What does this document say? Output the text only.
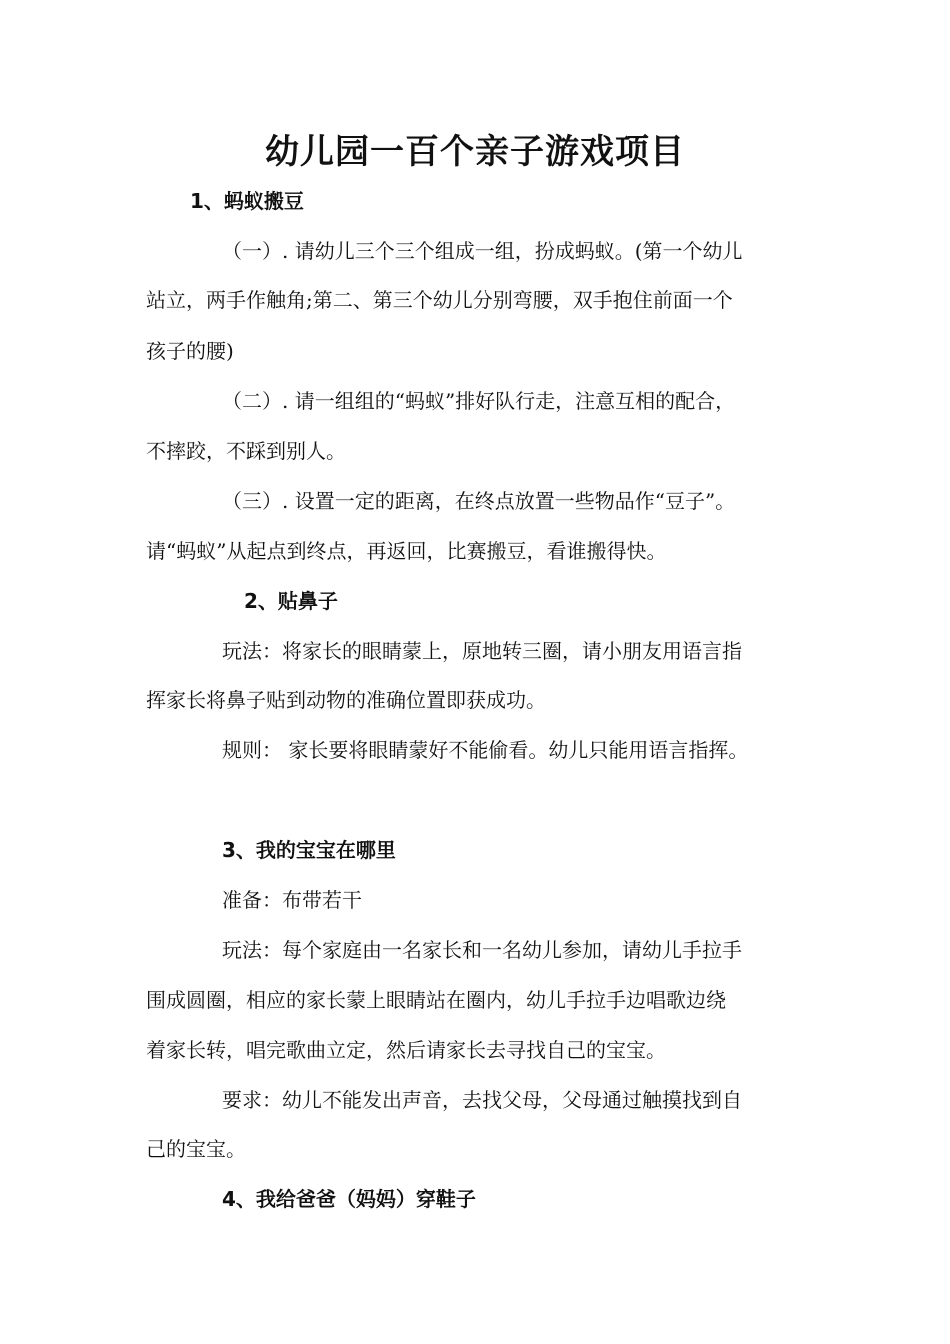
幼儿园一百个亲子游戏项目
1、蚂蚁搬豆
（一）. 请幼儿三个三个组成一组，扮成蚂蚁。(第一个幼儿
站立，两手作触角;第二、第三个幼儿分别弯腰，双手抱住前面一个
孩子的腰)
（二）. 请一组组的“蚂蚁”排好队行走，注意互相的配合，
不摔跤，不踩到别人。
（三）. 设置一定的距离，在终点放置一些物品作“豆子”。
请“蚂蚁”从起点到终点，再返回，比赛搬豆，看谁搬得快。
2、贴鼻子
玩法：将家长的眼睛蒙上，原地转三圈，请小朋友用语言指
挥家长将鼻子贴到动物的准确位置即获成功。
规则： 家长要将眼睛蒙好不能偷看。幼儿只能用语言指挥。
3、我的宝宝在哪里
准备：布带若干
玩法：每个家庭由一名家长和一名幼儿参加，请幼儿手拉手
围成圆圈，相应的家长蒙上眼睛站在圈内，幼儿手拉手边唱歌边绕
着家长转，唱完歌曲立定，然后请家长去寻找自己的宝宝。
要求：幼儿不能发出声音，去找父母，父母通过触摸找到自
己的宝宝。
4、我给爸爸（妈妈）穿鞋子
